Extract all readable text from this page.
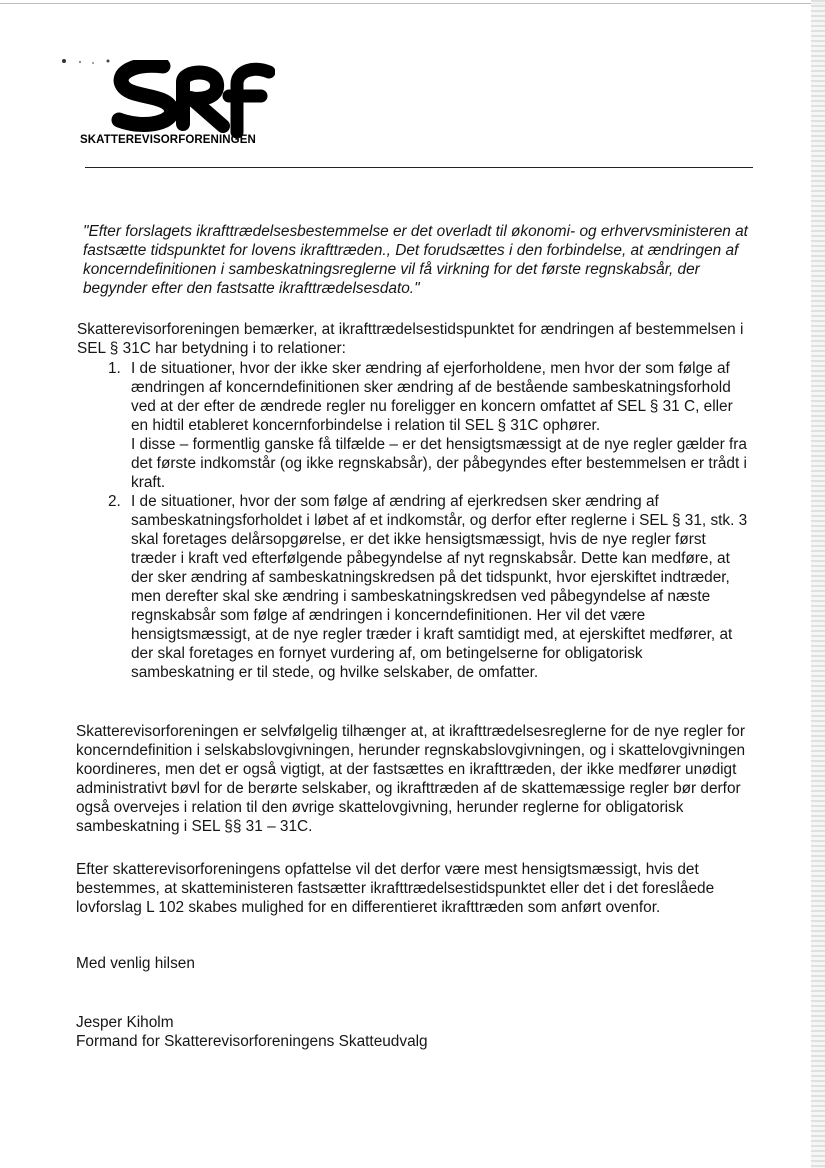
SKATTEREVISORFORENINGEN

"Efter forslagets ikrafttrædelsesbestemmelse er det overladt til økonomi- og erhvervsministeren at fastsætte tidspunktet for lovens ikrafttræden., Det forudsættes i den forbindelse, at ændringen af koncerndefinitionen i sambeskatningsreglerne vil få virkning for det første regnskabsår, der begynder efter den fastsatte ikrafttrædelsesdato."

Skatterevisorforeningen bemærker, at ikrafttrædelsestidspunktet for ændringen af bestemmelsen i SEL § 31C har betydning i to relationer:

1. I de situationer, hvor der ikke sker ændring af ejerforholdene, men hvor der som følge af ændringen af koncerndefinitionen sker ændring af de bestående sambeskatningsforhold ved at der efter de ændrede regler nu foreligger en koncern omfattet af SEL § 31 C, eller en hidtil etableret koncernforbindelse i relation til SEL § 31C ophører.

I disse – formentlig ganske få tilfælde – er det hensigtsmæssigt at de nye regler gælder fra det første indkomstår (og ikke regnskabsår), der påbegyndes efter bestemmelsen er trådt i kraft.

2. I de situationer, hvor der som følge af ændring af ejerkredsen sker ændring af sambeskatningsforholdet i løbet af et indkomstår, og derfor efter reglerne i SEL § 31, stk. 3 skal foretages delårsopgørelse, er det ikke hensigtsmæssigt, hvis de nye regler først træder i kraft ved efterfølgende påbegyndelse af nyt regnskabsår. Dette kan medføre, at der sker ændring af sambeskatningskredsen på det tidspunkt, hvor ejerskiftet indtræder, men derefter skal ske ændring i sambeskatningskredsen ved påbegyndelse af næste regnskabsår som følge af ændringen i koncerndefinitionen. Her vil det være hensigtsmæssigt, at de nye regler træder i kraft samtidigt med, at ejerskiftet medfører, at der skal foretages en fornyet vurdering af, om betingelserne for obligatorisk sambeskatning er til stede, og hvilke selskaber, de omfatter.

Skatterevisorforeningen er selvfølgelig tilhænger at, at ikrafttrædelsesreglerne for de nye regler for koncerndefinition i selskabslovgivningen, herunder regnskabslovgivningen, og i skattelovgivningen koordineres, men det er også vigtigt, at der fastsættes en ikrafttræden, der ikke medfører unødigt administrativt bøvl for de berørte selskaber, og ikrafttræden af de skattemæssige regler bør derfor også overvejes i relation til den øvrige skattelovgivning, herunder reglerne for obligatorisk sambeskatning i SEL §§ 31 – 31C.

Efter skatterevisorforeningens opfattelse vil det derfor være mest hensigtsmæssigt, hvis det bestemmes, at skatteministeren fastsætter ikrafttrædelsestidspunktet eller det i det foreslåede lovforslag L 102 skabes mulighed for en differentieret ikrafttræden som anført ovenfor.

Med venlig hilsen

Jesper Kiholm

Formand for Skatterevisorforeningens Skatteudvalg
